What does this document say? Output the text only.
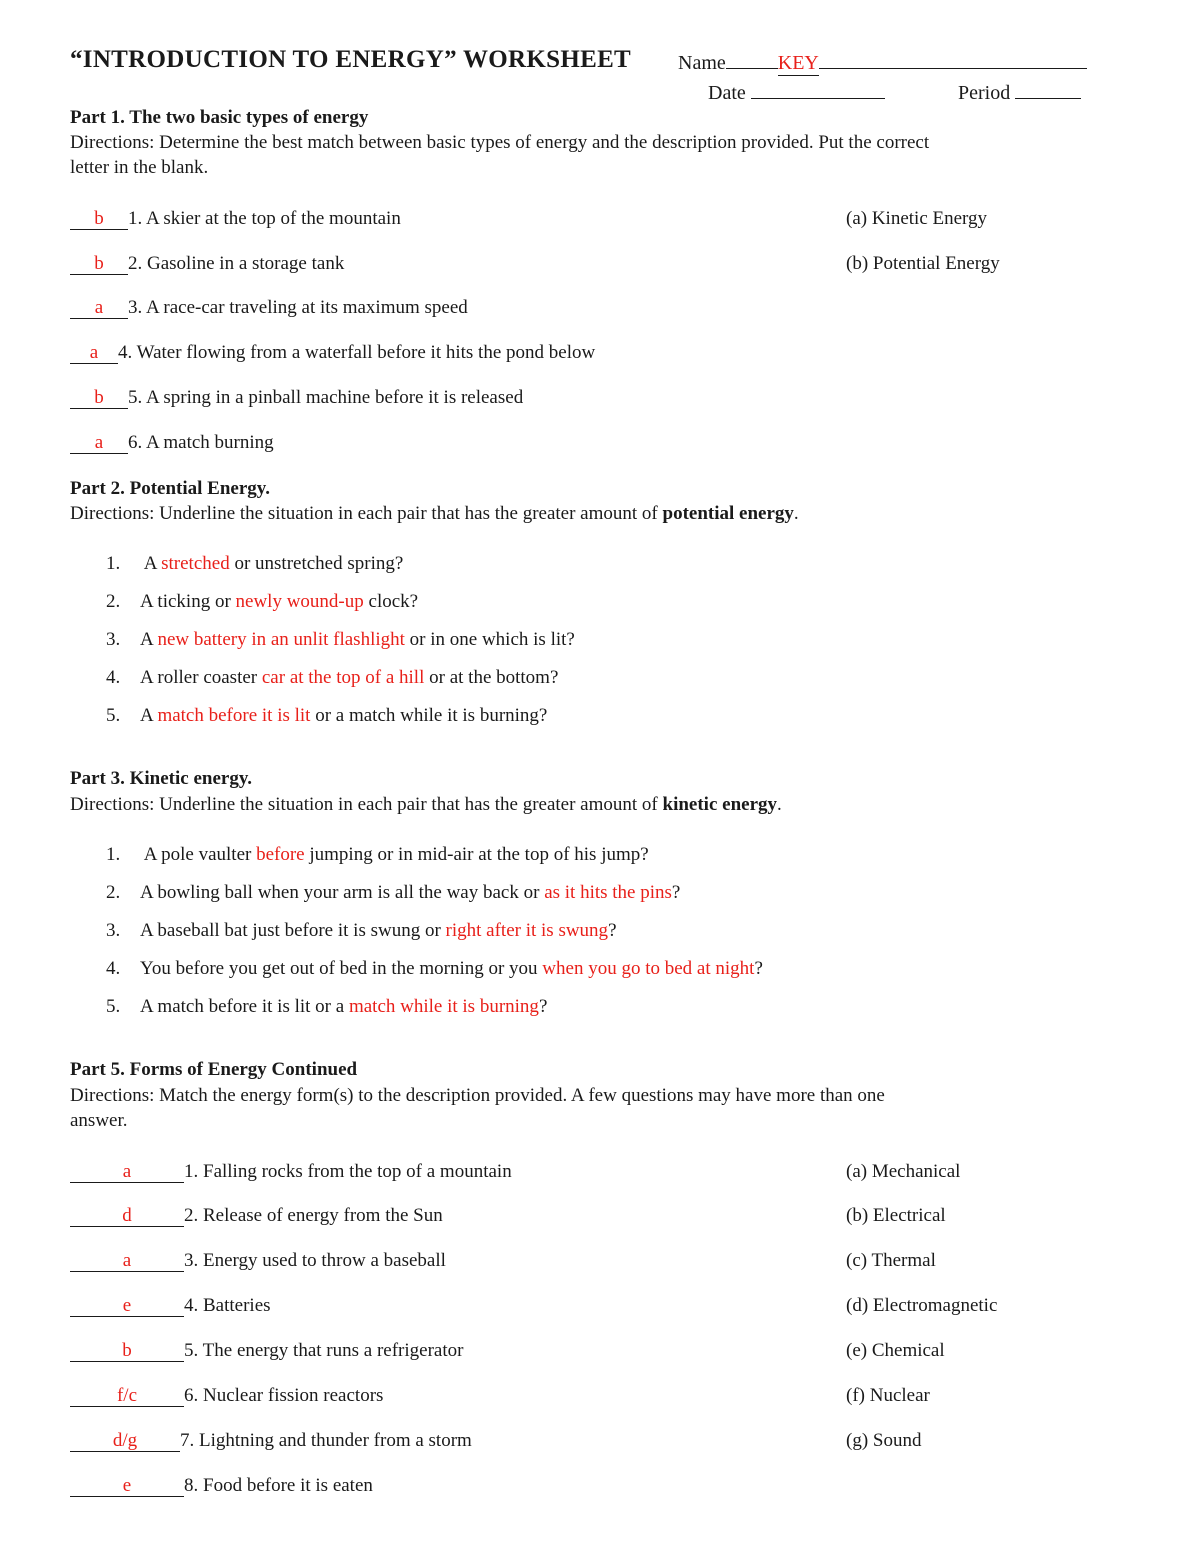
“INTRODUCTION TO ENERGY” WORKSHEET Name	KEY
Date	Period
Part 1. The two basic types of energy
Directions: Determine the best match between basic types of energy and the description provided. Put the correct
letter in the blank.
b 1. A skier at the top of the mountain
b 2. Gasoline in a storage tank
a 3. A race-car traveling at its maximum speed
a 4. Water flowing from a waterfall before it hits the pond below
b 5. A spring in a pinball machine before it is released
a 6. A match burning
(a) Kinetic Energy
(b) Potential Energy
Part 2. Potential Energy.
Directions: Underline the situation in each pair that has the greater amount of potential energy.
1. A stretched or unstretched spring?
2. A ticking or newly wound-up clock?
3. A new battery in an unlit flashlight or in one which is lit?
4. A roller coaster car at the top of a hill or at the bottom?
5. A match before it is lit or a match while it is burning?
Part 3. Kinetic energy.
Directions: Underline the situation in each pair that has the greater amount of kinetic energy.
1. A pole vaulter before jumping or in mid-air at the top of his jump?
2. A bowling ball when your arm is all the way back or as it hits the pins?
3. A baseball bat just before it is swung or right after it is swung?
4. You before you get out of bed in the morning or you when you go to bed at night?
5. A match before it is lit or a match while it is burning?
Part 5. Forms of Energy Continued
Directions: Match the energy form(s) to the description provided. A few questions may have more than one
answer.
a	1. Falling rocks from the top of a mountain
d	2. Release of energy from the Sun
a	3. Energy used to throw a baseball
e	4. Batteries
b	5. The energy that runs a refrigerator
f/c 6. Nuclear fission reactors
d/g 7. Lightning and thunder from a storm
e	8. Food before it is eaten
(a) Mechanical
(b) Electrical
(c) Thermal
(d) Electromagnetic
(e) Chemical
(f) Nuclear
(g) Sound
